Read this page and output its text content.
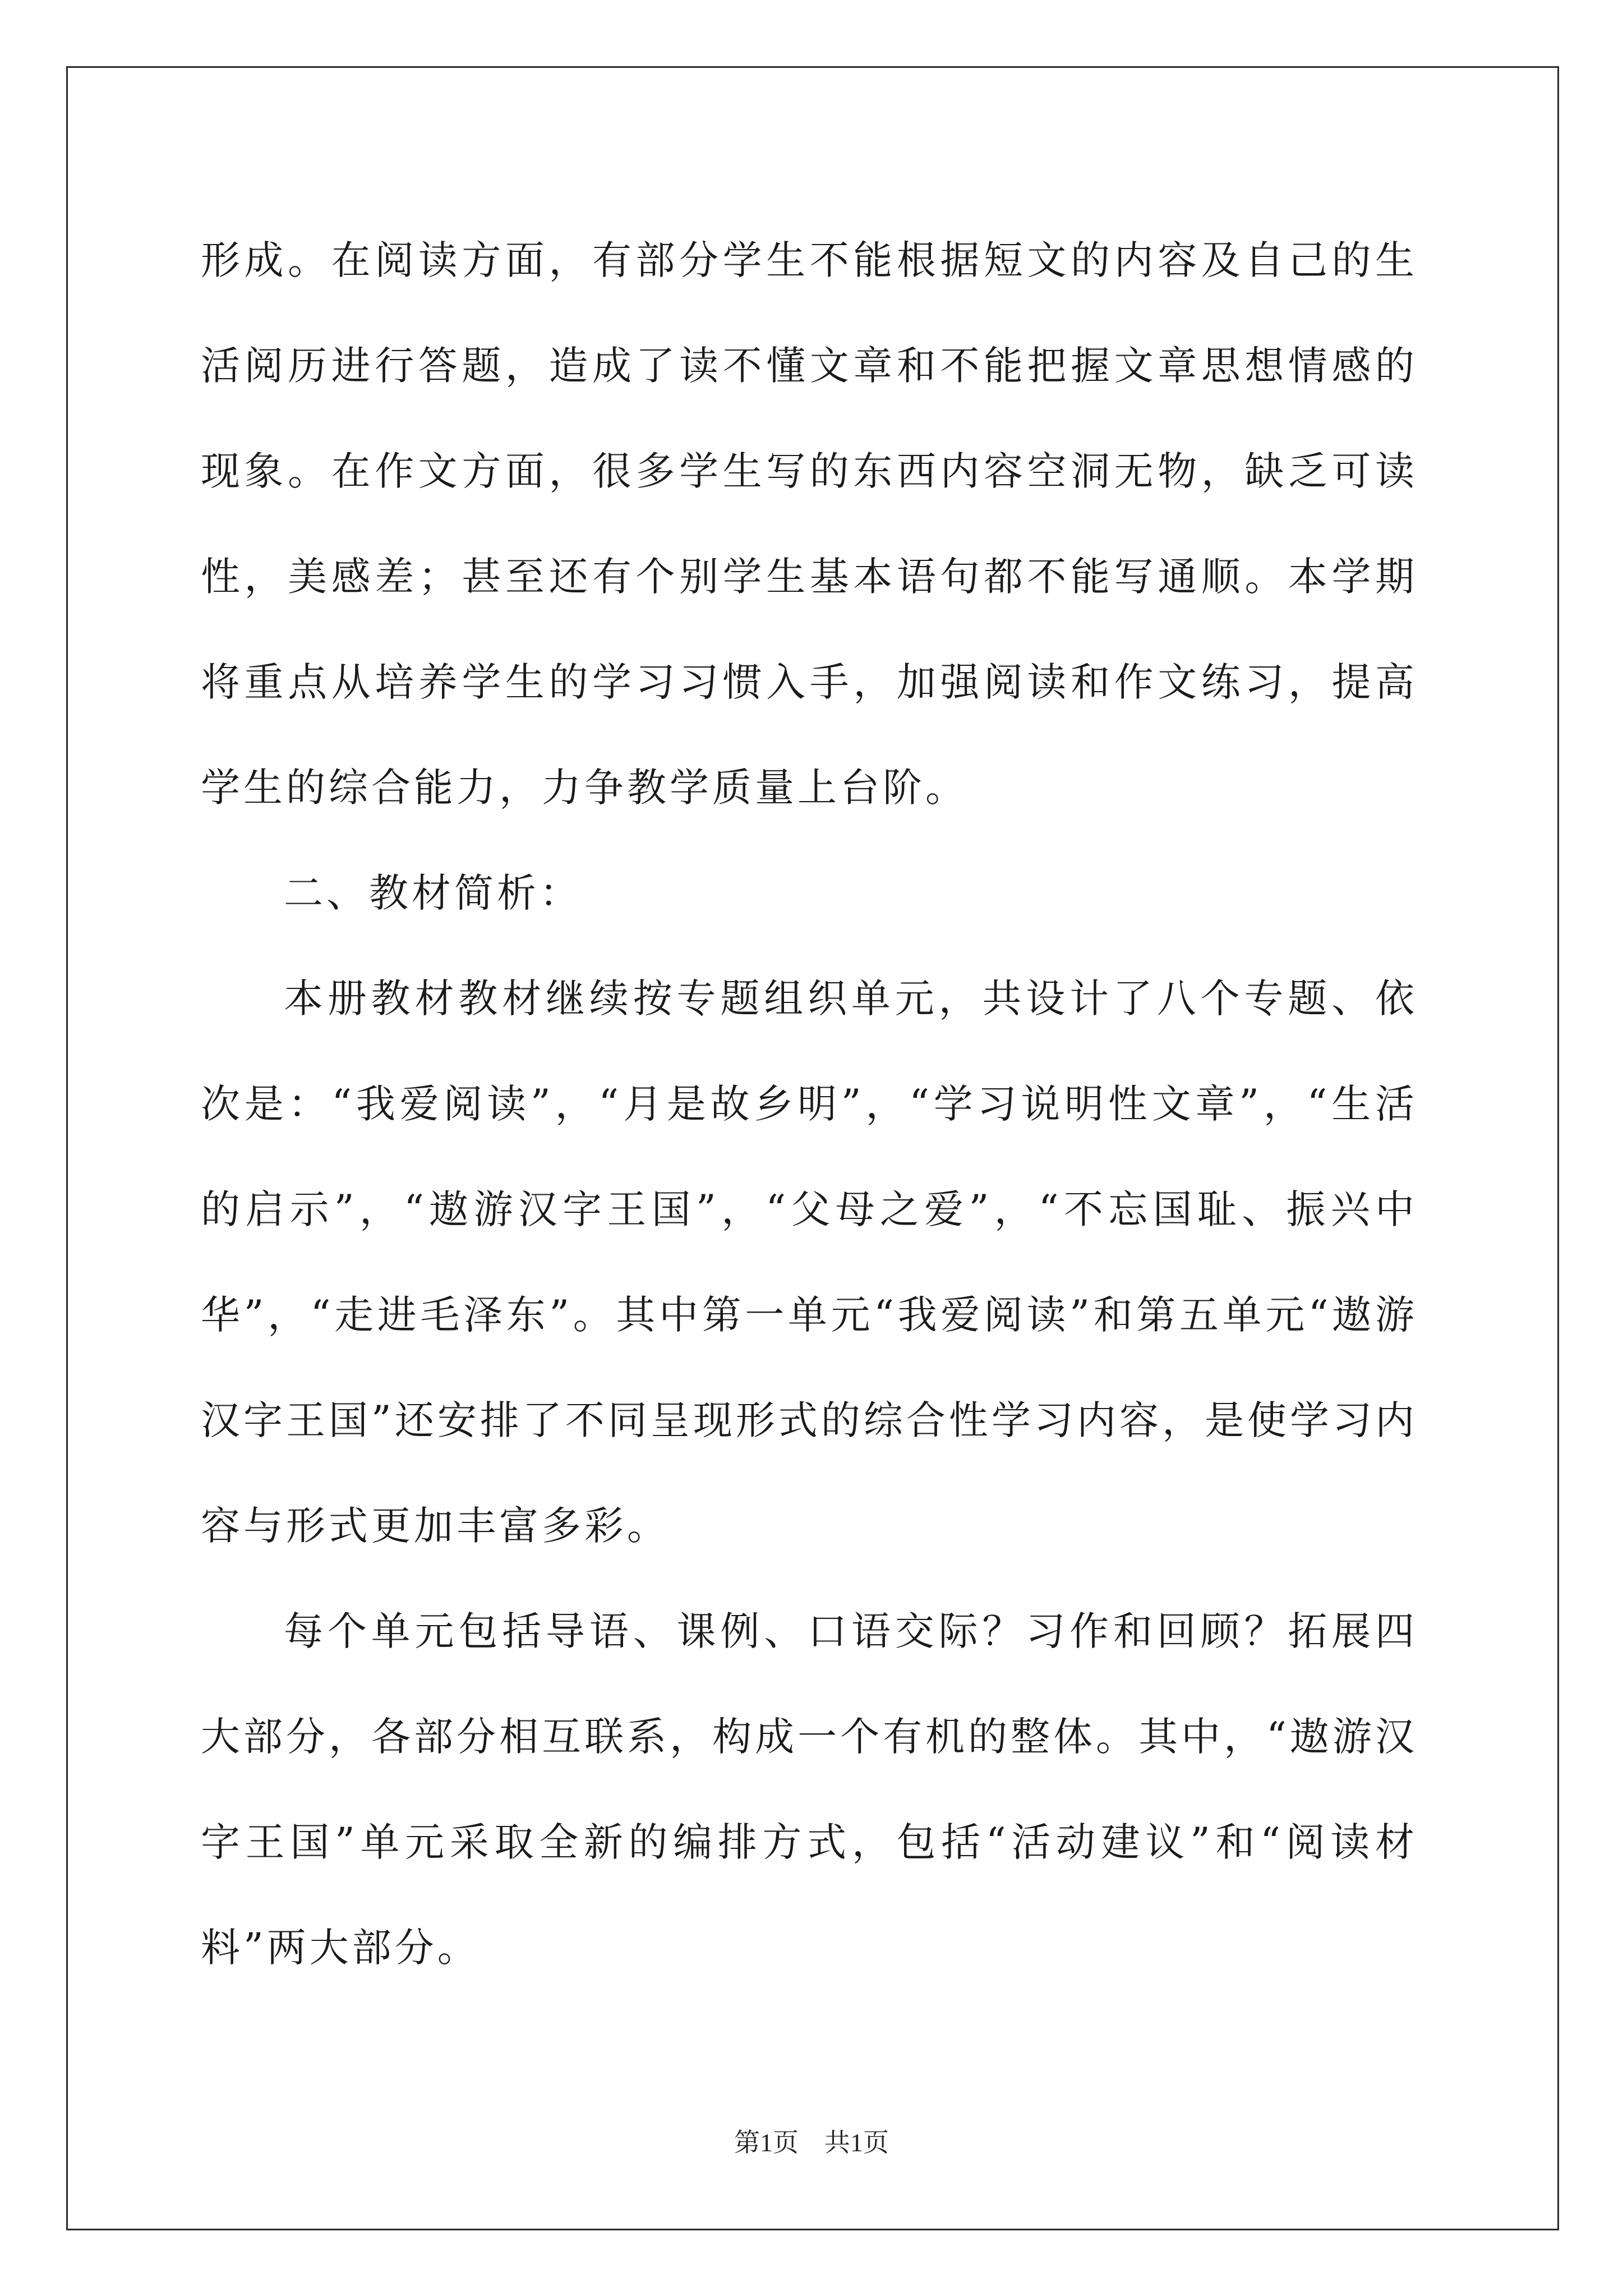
形成。在阅读方面，有部分学生不能根据短文的内容及自己的生活阅历进行答题，造成了读不懂文章和不能把握文章思想情感的现象。在作文方面，很多学生写的东西内容空洞无物，缺乏可读性，美感差；甚至还有个别学生基本语句都不能写通顺。本学期将重点从培养学生的学习习惯入手，加强阅读和作文练习，提高学生的综合能力，力争教学质量上台阶。

二、教材简析：

本册教材教材继续按专题组织单元，共设计了八个专题、依次是：“我爱阅读”，“月是故乡明”，“学习说明性文章”，“生活的启示”，“遨游汉字王国”，“父母之爱”，“不忘国耻、振兴中华”，“走进毛泽东”。其中第一单元“我爱阅读”和第五单元“遨游汉字王国”还安排了不同呈现形式的综合性学习内容，是使学习内容与形式更加丰富多彩。

每个单元包括导语、课例、口语交际？习作和回顾？拓展四大部分，各部分相互联系，构成一个有机的整体。其中，“遨游汉字王国”单元采取全新的编排方式，包括“活动建议”和“阅读材料”两大部分。

第1页　共1页
